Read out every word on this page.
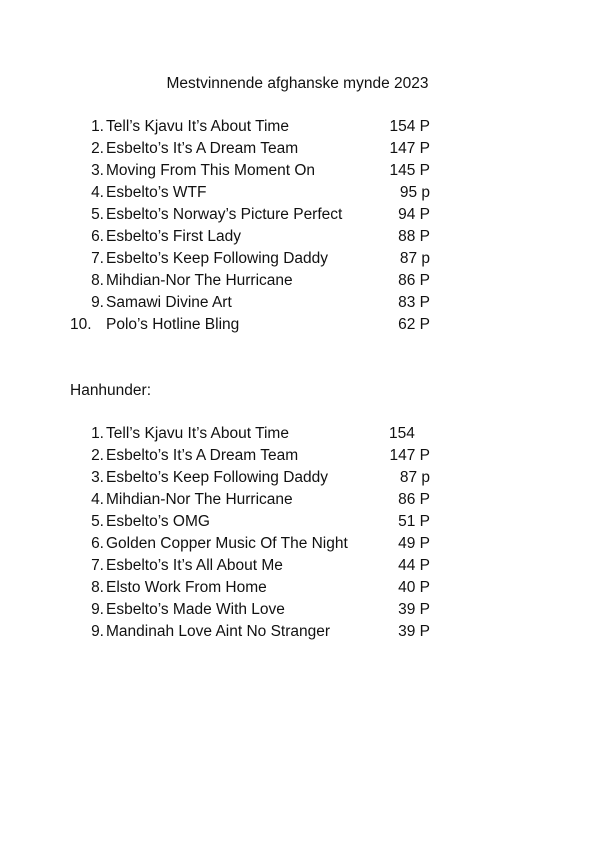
Mestvinnende afghanske mynde 2023
1. Tell’s Kjavu It’s About Time	154 P
2. Esbelto’s It’s A Dream Team	147 P
3. Moving From This Moment On	145 P
4. Esbelto’s WTF	95 p
5. Esbelto’s Norway’s Picture Perfect	94 P
6. Esbelto’s First Lady	88 P
7. Esbelto’s Keep Following Daddy	87 p
8. Mihdian-Nor The Hurricane	86 P
9. Samawi Divine Art	83 P
10. Polo’s Hotline Bling	62 P
Hanhunder:
1. Tell’s Kjavu It’s About Time	154
2. Esbelto’s It’s A Dream Team	147 P
3. Esbelto’s Keep Following Daddy	87 p
4. Mihdian-Nor The Hurricane	86 P
5. Esbelto’s OMG	51 P
6. Golden Copper Music Of The Night	49 P
7. Esbelto’s It’s All About Me	44 P
8. Elsto Work From Home	40 P
9. Esbelto’s Made With Love	39 P
9. Mandinah Love Aint No Stranger	39 P
